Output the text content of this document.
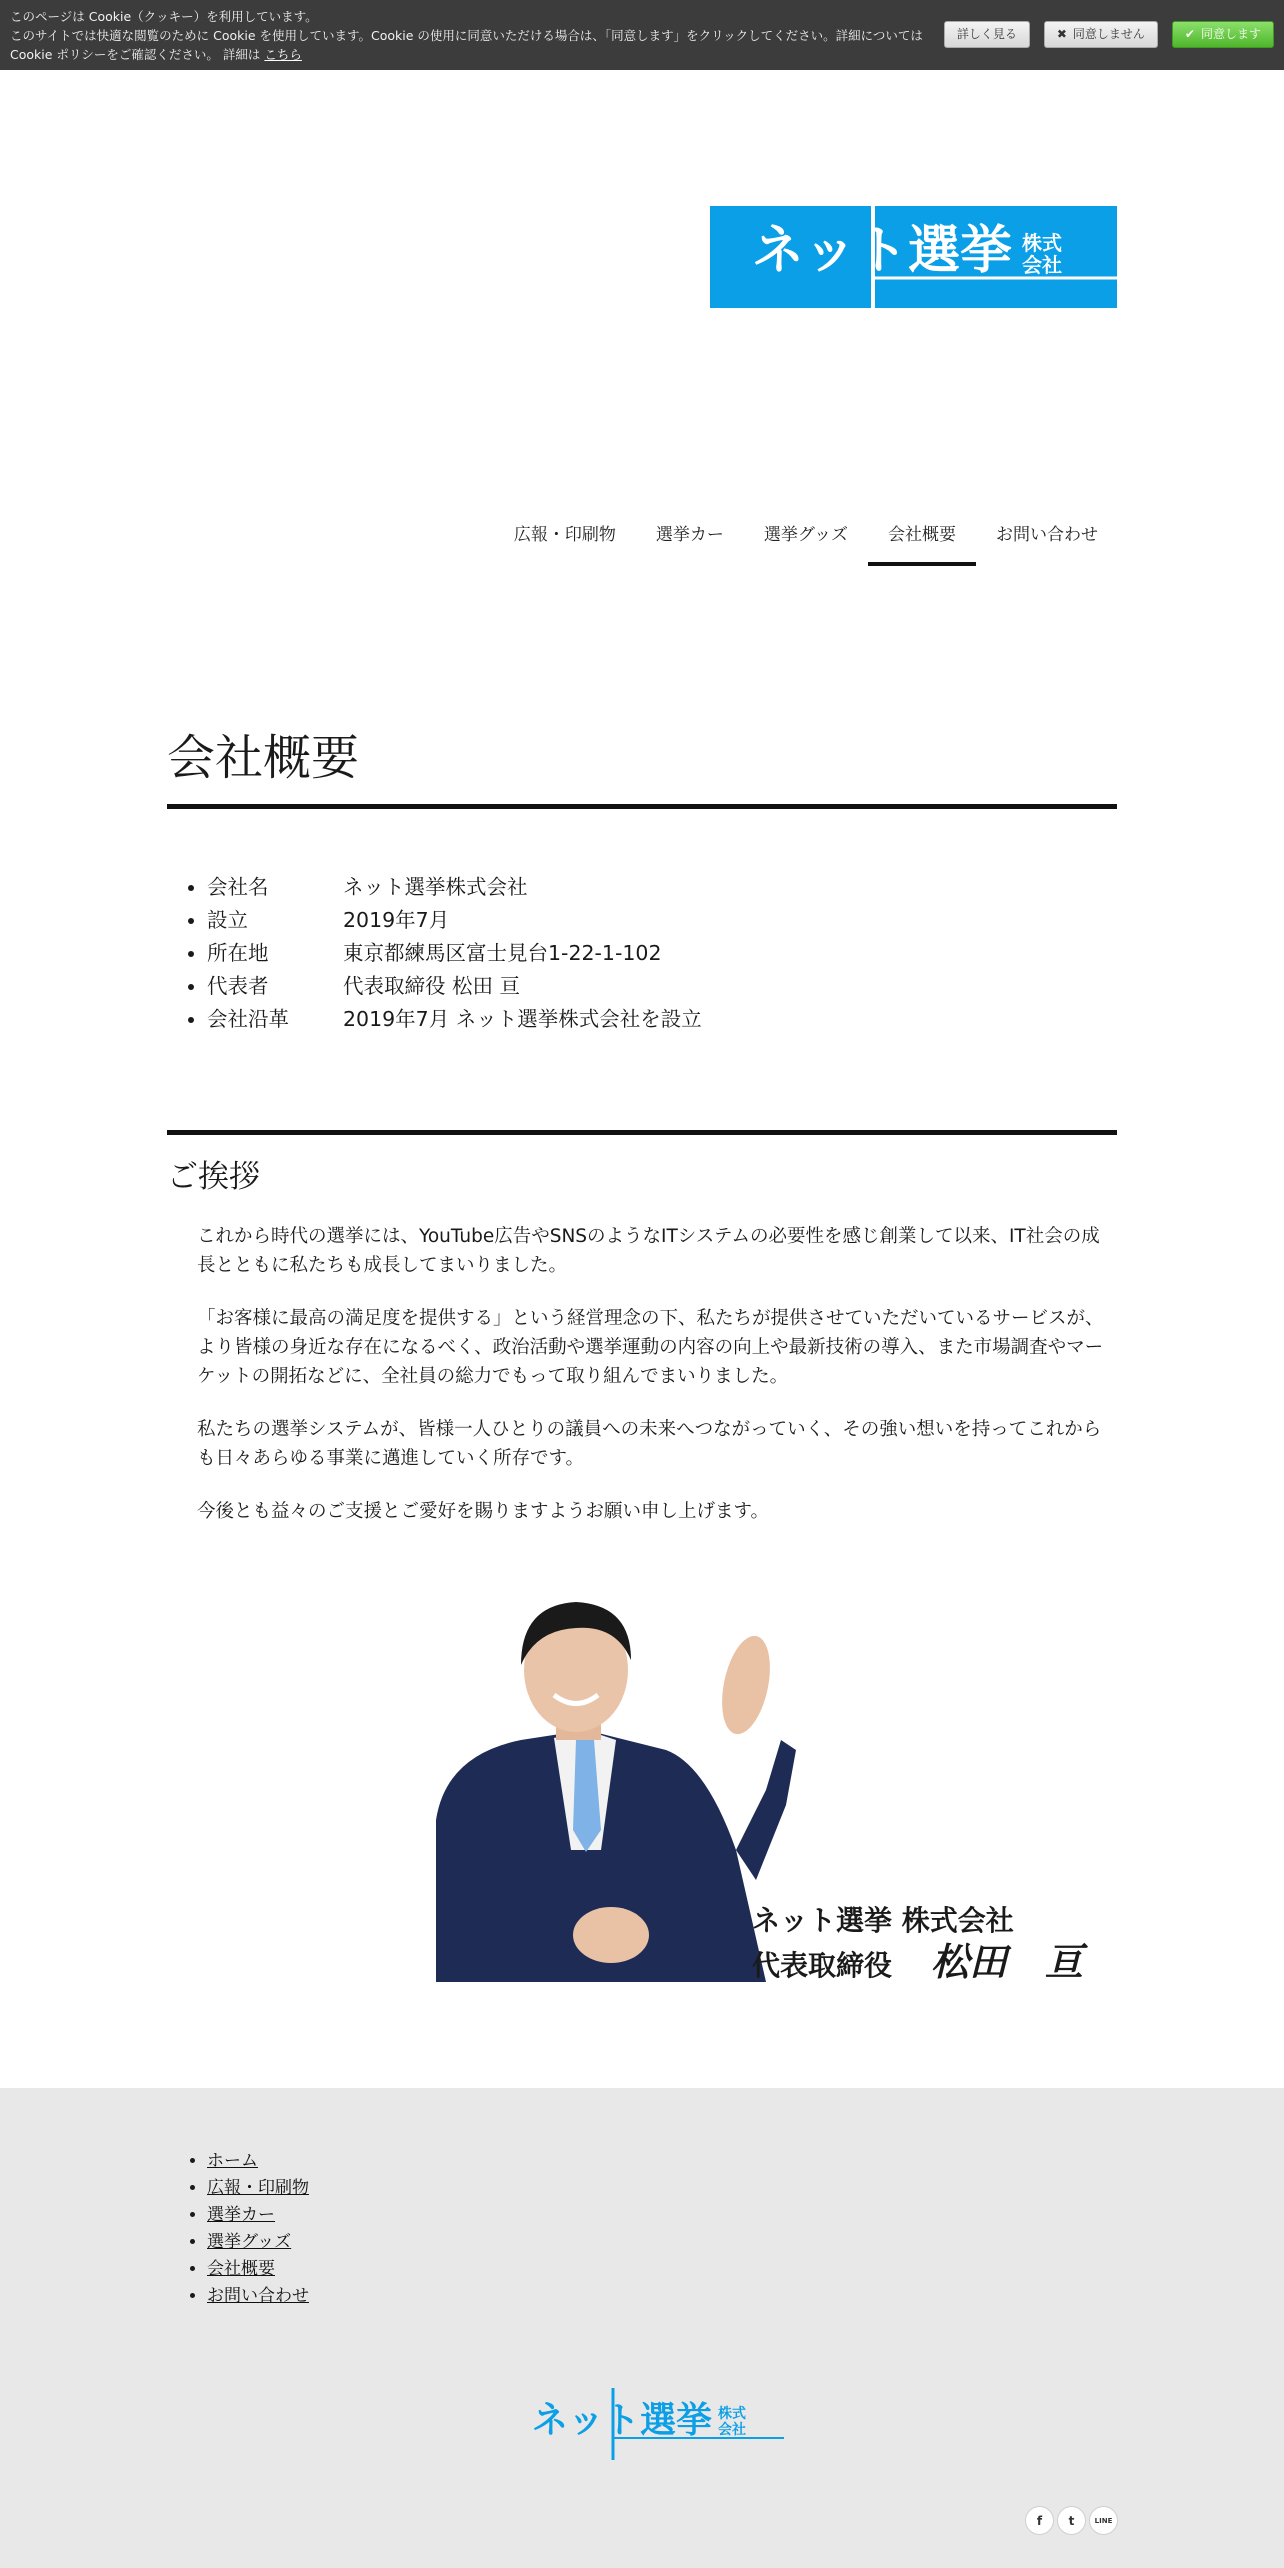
このページは Cookie（クッキー）を利用しています。
このサイトでは快適な閲覧のために Cookie を使用しています。Cookie の使用に同意いただける場合は、「同意します」をクリックしてください。詳細については Cookie ポリシーをご確認ください。 詳細は こちら
詳しく見る	✖ 同意しません	✔ 同意します
ネット選挙 株式
会社
広報・印刷物	選挙カー	選挙グッズ	会社概要	お問い合わせ
会社概要
• 会社名	ネット選挙株式会社
• 設立	2019年7月
• 所在地	東京都練馬区富士見台1-22-1-102
• 代表者	代表取締役 松田 亘
• 会社沿革	2019年7月 ネット選挙株式会社を設立
ご挨拶

これから時代の選挙には、YouTube広告やSNSのようなITシステムの必要性を感じ創業して以来、IT社会の成長とともに私たちも成長してまいりました。

「お客様に最高の満足度を提供する」という経営理念の下、私たちが提供させていただいているサービスが、より皆様の身近な存在になるべく、政治活動や選挙運動の内容の向上や最新技術の導入、また市場調査やマーケットの開拓などに、全社員の総力でもって取り組んでまいりました。

私たちの選挙システムが、皆様一人ひとりの議員への未来へつながっていく、その強い想いを持ってこれからも日々あらゆる事業に邁進していく所存です。

今後とも益々のご支援とご愛好を賜りますようお願い申し上げます。

ネット選挙 株式会社
代表取締役 松田　亘
• ホーム
• 広報・印刷物
• 選挙カー
• 選挙グッズ
• 会社概要
• お問い合わせ
ネット選挙 株式
会社
f	t	LINE
